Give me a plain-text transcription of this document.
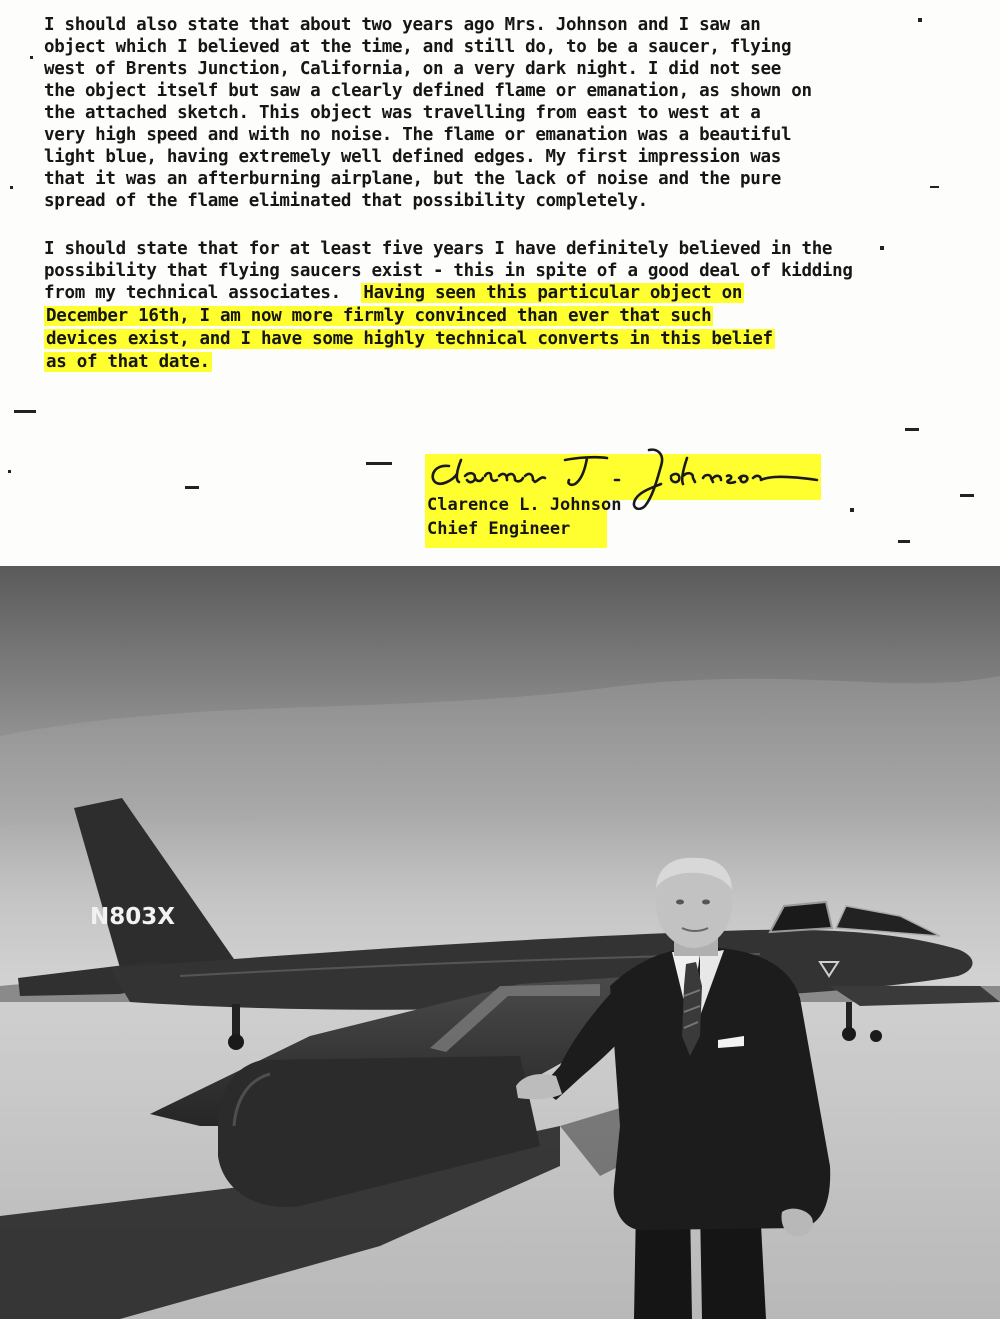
I should also state that about two years ago Mrs. Johnson and I saw an

object which I believed at the time, and still do, to be a saucer, flying

west of Brents Junction, California, on a very dark night. I did not see

the object itself but saw a clearly defined flame or emanation, as shown on

the attached sketch. This object was travelling from east to west at a

very high speed and with no noise. The flame or emanation was a beautiful

light blue, having extremely well defined edges. My first impression was

that it was an afterburning airplane, but the lack of noise and the pure

spread of the flame eliminated that possibility completely.

I should state that for at least five years I have definitely believed in the

possibility that flying saucers exist - this in spite of a good deal of kidding

from my technical associates. Having seen this particular object on

December 16th, I am now more firmly convinced than ever that such

devices exist, and I have some highly technical converts in this belief

as of that date.

Clarence L. Johnson
Chief Engineer
N803X
